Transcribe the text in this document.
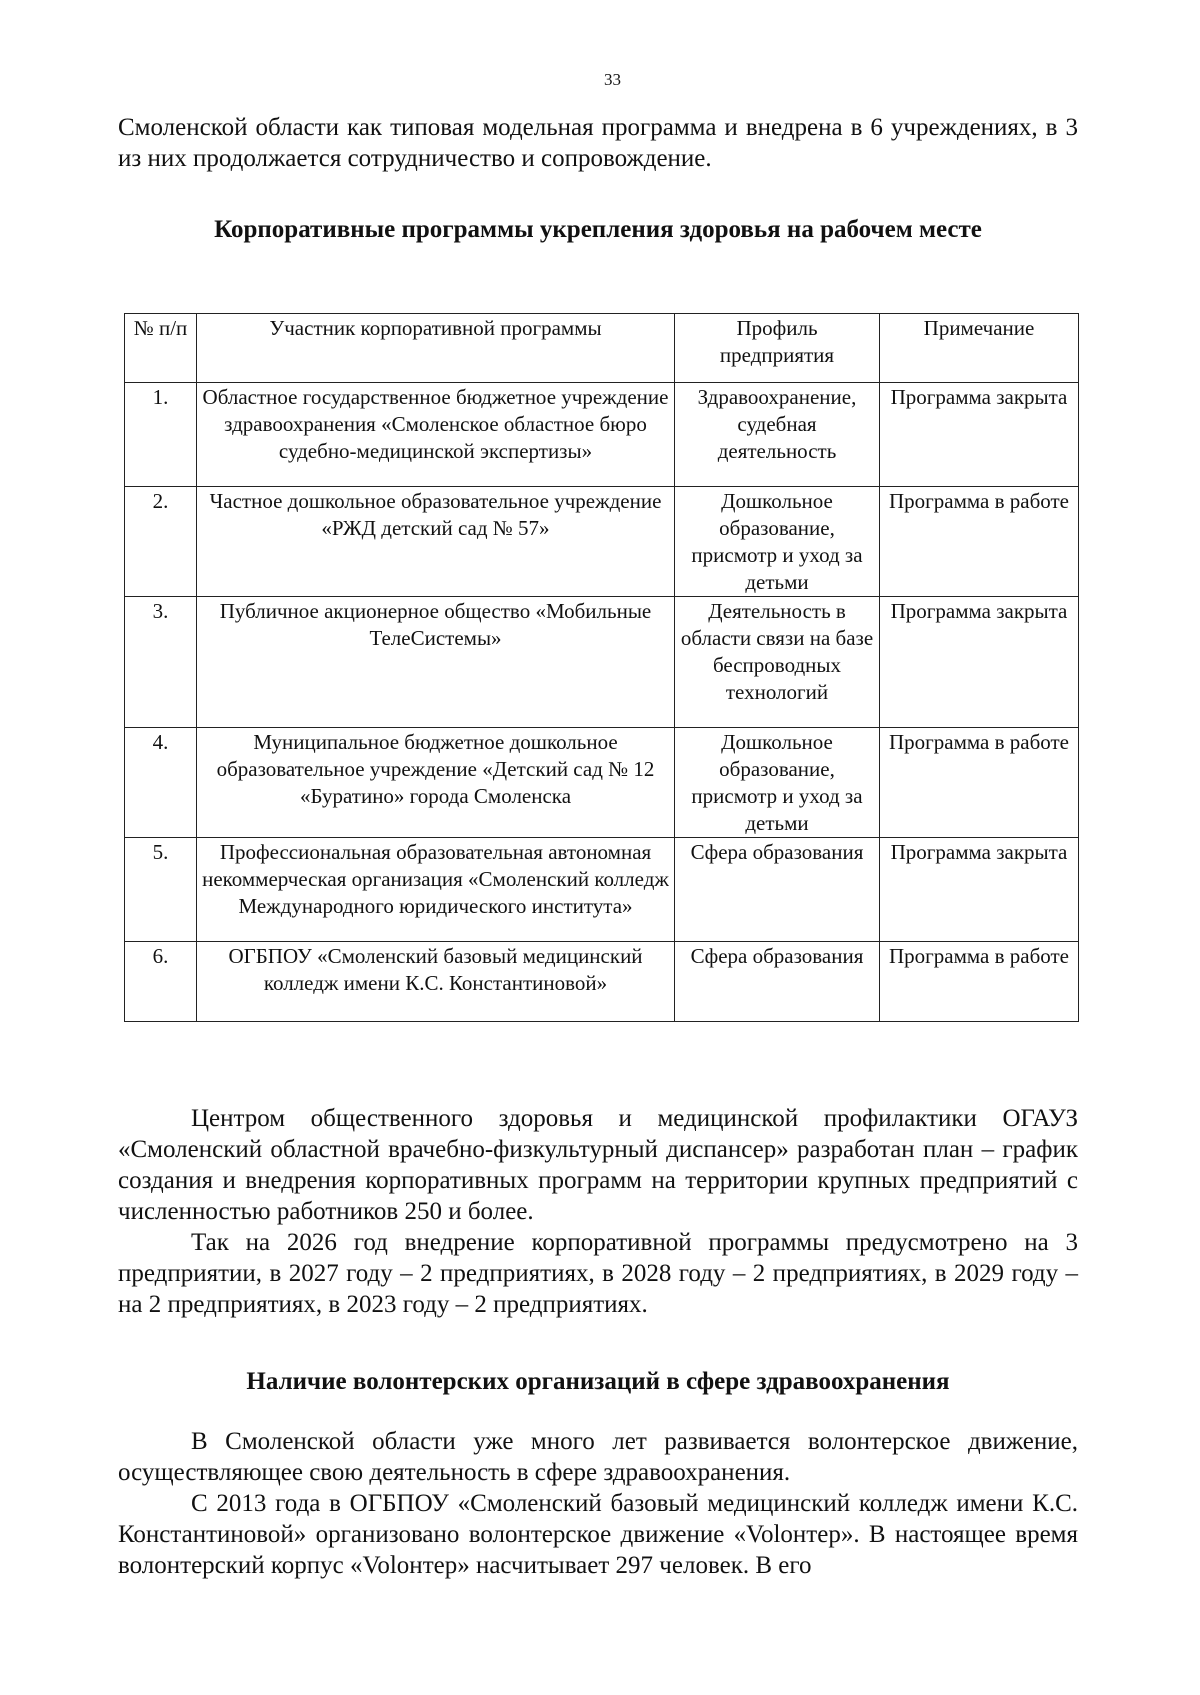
33

Смоленской области как типовая модельная программа и внедрена в 6 учреждениях, в 3 из них продолжается сотрудничество и сопровождение.

Корпоративные программы укрепления здоровья на рабочем месте
№ п/п	Участник корпоративной программы	Профиль предприятия	Примечание
1.	Областное государственное бюджетное учреждение здравоохранения «Смоленское областное бюро судебно-медицинской экспертизы»	Здравоохранение, судебная деятельность	Программа закрыта
2.	Частное дошкольное образовательное учреждение «РЖД детский сад № 57»	Дошкольное образование, присмотр и уход за детьми	Программа в работе
3.	Публичное акционерное общество «Мобильные ТелеСистемы»	Деятельность в области связи на базе беспроводных технологий	Программа закрыта
4.	Муниципальное бюджетное дошкольное образовательное учреждение «Детский сад № 12 «Буратино» города Смоленска	Дошкольное образование, присмотр и уход за детьми	Программа в работе
5.	Профессиональная образовательная автономная некоммерческая организация «Смоленский колледж Международного юридического института»	Сфера образования	Программа закрыта
6.	ОГБПОУ «Смоленский базовый медицинский колледж имени К.С. Константиновой»	Сфера образования	Программа в работе

Центром общественного здоровья и медицинской профилактики ОГАУЗ «Смоленский областной врачебно-физкультурный диспансер» разработан план – график создания и внедрения корпоративных программ на территории крупных предприятий с численностью работников 250 и более.

Так на 2026 год внедрение корпоративной программы предусмотрено на 3 предприятии, в 2027 году – 2 предприятиях, в 2028 году – 2 предприятиях, в 2029 году – на 2 предприятиях, в 2023 году – 2 предприятиях.

Наличие волонтерских организаций в сфере здравоохранения

В Смоленской области уже много лет развивается волонтерское движение, осуществляющее свою деятельность в сфере здравоохранения.

С 2013 года в ОГБПОУ «Смоленский базовый медицинский колледж имени К.С. Константиновой» организовано волонтерское движение «Volонтер». В настоящее время волонтерский корпус «Volонтер» насчитывает 297 человек. В его
